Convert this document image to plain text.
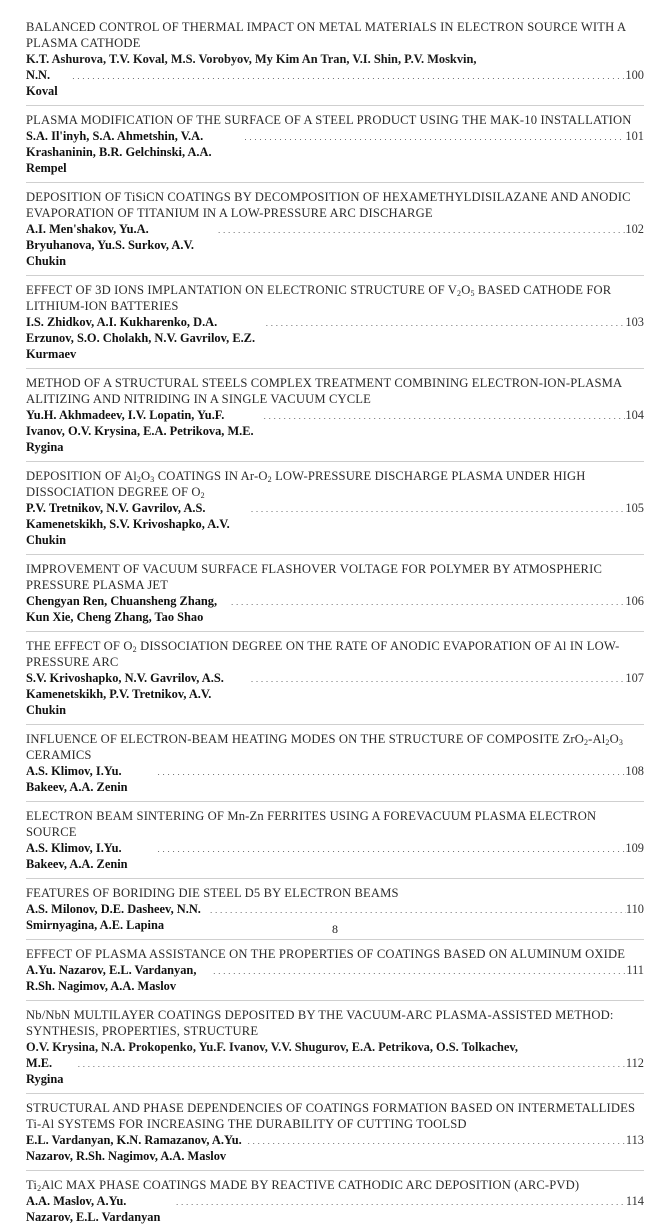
BALANCED CONTROL OF THERMAL IMPACT ON METAL MATERIALS IN ELECTRON SOURCE WITH A PLASMA CATHODE
K.T. Ashurova, T.V. Koval, M.S. Vorobyov, My Kim An Tran, V.I. Shin, P.V. Moskvin,
N.N. Koval
. . .
100
PLASMA MODIFICATION OF THE SURFACE OF A STEEL PRODUCT USING THE MAK-10 INSTALLATION
S.A. Il'inyh, S.A. Ahmetshin, V.A. Krashaninin, B.R. Gelchinski, A.A. Rempel
. . .
101
DEPOSITION OF TiSiCN COATINGS BY DECOMPOSITION OF HEXAMETHYLDISILAZANE AND ANODIC EVAPORATION OF TITANIUM IN A LOW-PRESSURE ARC DISCHARGE
A.I. Men'shakov, Yu.A. Bryuhanova, Yu.S. Surkov, A.V. Chukin
. . .
102
EFFECT OF 3D IONS IMPLANTATION ON ELECTRONIC STRUCTURE OF $V_2O_5$ BASED CATHODE FOR LITHIUM-ION BATTERIES
I.S. Zhidkov, A.I. Kukharenko, D.A. Erzunov, S.O. Cholakh, N.V. Gavrilov, E.Z. Kurmaev
. . .
103
METHOD OF A STRUCTURAL STEELS COMPLEX TREATMENT COMBINING ELECTRON-ION-PLASMA ALITIZING AND NITRIDING IN A SINGLE VACUUM CYCLE
Yu.H. Akhmadeev, I.V. Lopatin, Yu.F. Ivanov, O.V. Krysina, E.A. Petrikova, M.E. Rygina
. . .
104
DEPOSITION OF $Al_2O_3$ COATINGS IN $Ar-O_2$ LOW-PRESSURE DISCHARGE PLASMA UNDER HIGH DISSOCIATION DEGREE OF $O_2$
P.V. Tretnikov, N.V. Gavrilov, A.S. Kamenetskikh, S.V. Krivoshapko, A.V. Chukin
. . .
105
IMPROVEMENT OF VACUUM SURFACE FLASHOVER VOLTAGE FOR POLYMER BY ATMOSPHERIC PRESSURE PLASMA JET
Chengyan Ren, Chuansheng Zhang, Kun Xie, Cheng Zhang, Tao Shao
. . .
106
THE EFFECT OF $O_2$ DISSOCIATION DEGREE ON THE RATE OF ANODIC EVAPORATION OF Al IN LOW-PRESSURE ARC
S.V. Krivoshapko, N.V. Gavrilov, A.S. Kamenetskikh, P.V. Tretnikov, A.V. Chukin
. . .
107
INFLUENCE OF ELECTRON-BEAM HEATING MODES ON THE STRUCTURE OF COMPOSITE $ZrO_2-Al_2O_3$ CERAMICS
A.S. Klimov, I.Yu. Bakeev, A.A. Zenin
. . .
108
ELECTRON BEAM SINTERING OF Mn-Zn FERRITES USING A FOREVACUUM PLASMA ELECTRON SOURCE
A.S. Klimov, I.Yu. Bakeev, A.A. Zenin
. . .
109
FEATURES OF BORIDING DIE STEEL D5 BY ELECTRON BEAMS
A.S. Milonov, D.E. Dasheev, N.N. Smirnyagina, A.E. Lapina
. . .
110
EFFECT OF PLASMA ASSISTANCE ON THE PROPERTIES OF COATINGS BASED ON ALUMINUM OXIDE
A.Yu. Nazarov, E.L. Vardanyan, R.Sh. Nagimov, A.A. Maslov
. . .
111
Nb/NbN MULTILAYER COATINGS DEPOSITED BY THE VACUUM-ARC PLASMA-ASSISTED METHOD: SYNTHESIS, PROPERTIES, STRUCTURE
O.V. Krysina, N.A. Prokopenko, Yu.F. Ivanov, V.V. Shugurov, E.A. Petrikova, O.S. Tolkachev,
M.E. Rygina
. . .
112
STRUCTURAL AND PHASE DEPENDENCIES OF COATINGS FORMATION BASED ON INTERMETALLIDES Ti-Al SYSTEMS FOR INCREASING THE DURABILITY OF CUTTING TOOLSD
E.L. Vardanyan, K.N. Ramazanov, A.Yu. Nazarov, R.Sh. Nagimov, A.A. Maslov
. . .
113
$Ti_2AlC$ MAX PHASE COATINGS MADE BY REACTIVE CATHODIC ARC DEPOSITION (ARC-PVD)
A.A. Maslov, A.Yu. Nazarov, E.L. Vardanyan
. . .
114
8
